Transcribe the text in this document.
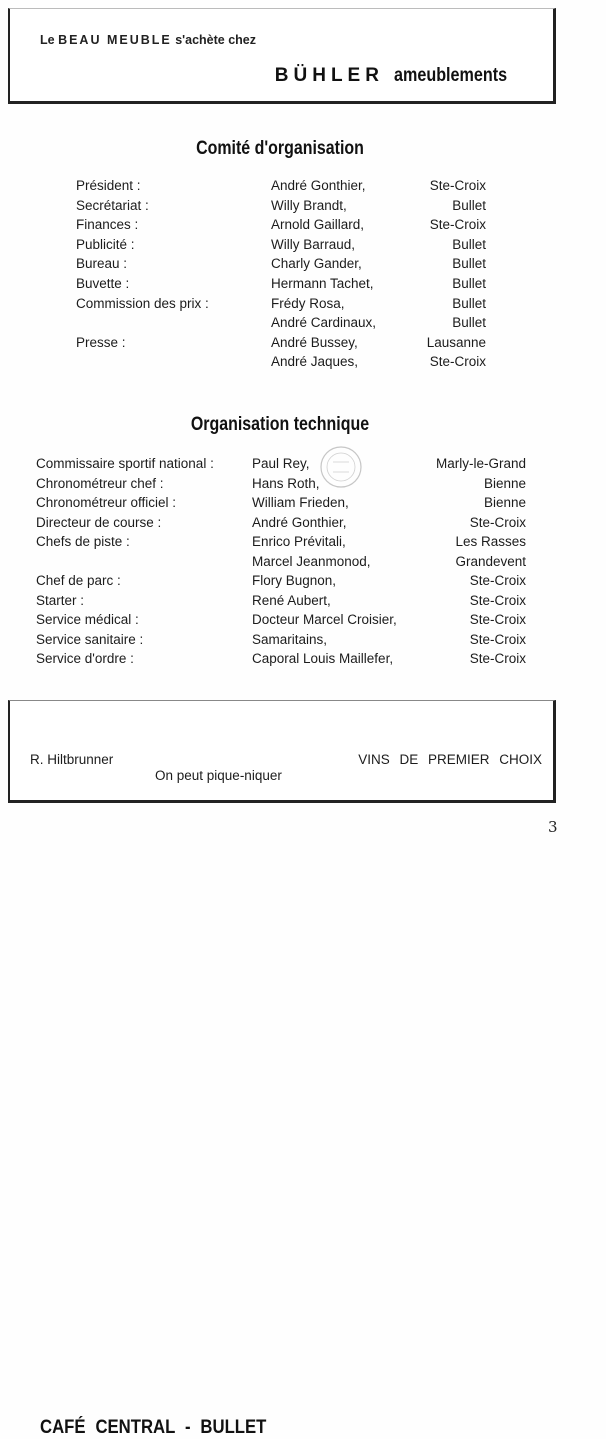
Le BEAU MEUBLE s'achète chez
BÜHLER ameublements
Comité d'organisation
Président :	André Gonthier,	Ste-Croix
Secrétariat :	Willy Brandt,	Bullet
Finances :	Arnold Gaillard,	Ste-Croix
Publicité :	Willy Barraud,	Bullet
Bureau :	Charly Gander,	Bullet
Buvette :	Hermann Tachet,	Bullet
Commission des prix :	Frédy Rosa,	Bullet
André Cardinaux,	Bullet
Presse :	André Bussey,	Lausanne
André Jaques,	Ste-Croix
Organisation technique
Commissaire sportif national :	Paul Rey,	Marly-le-Grand
Chronométreur chef :	Hans Roth,	Bienne
Chronométreur officiel :	William Frieden,	Bienne
Directeur de course :	André Gonthier,	Ste-Croix
Chefs de piste :	Enrico Prévitali,	Les Rasses
Marcel Jeanmonod,	Grandevent
Chef de parc :	Flory Bugnon,	Ste-Croix
Starter :	René Aubert,	Ste-Croix
Service médical :	Docteur Marcel Croisier,	Ste-Croix
Service sanitaire :	Samaritains,	Ste-Croix
Service d'ordre :	Caporal Louis Maillefer,	Ste-Croix
CAFÉ CENTRAL - BULLET
R. Hiltbrunner	VINS DE PREMIER CHOIX
On peut pique-niquer
3
